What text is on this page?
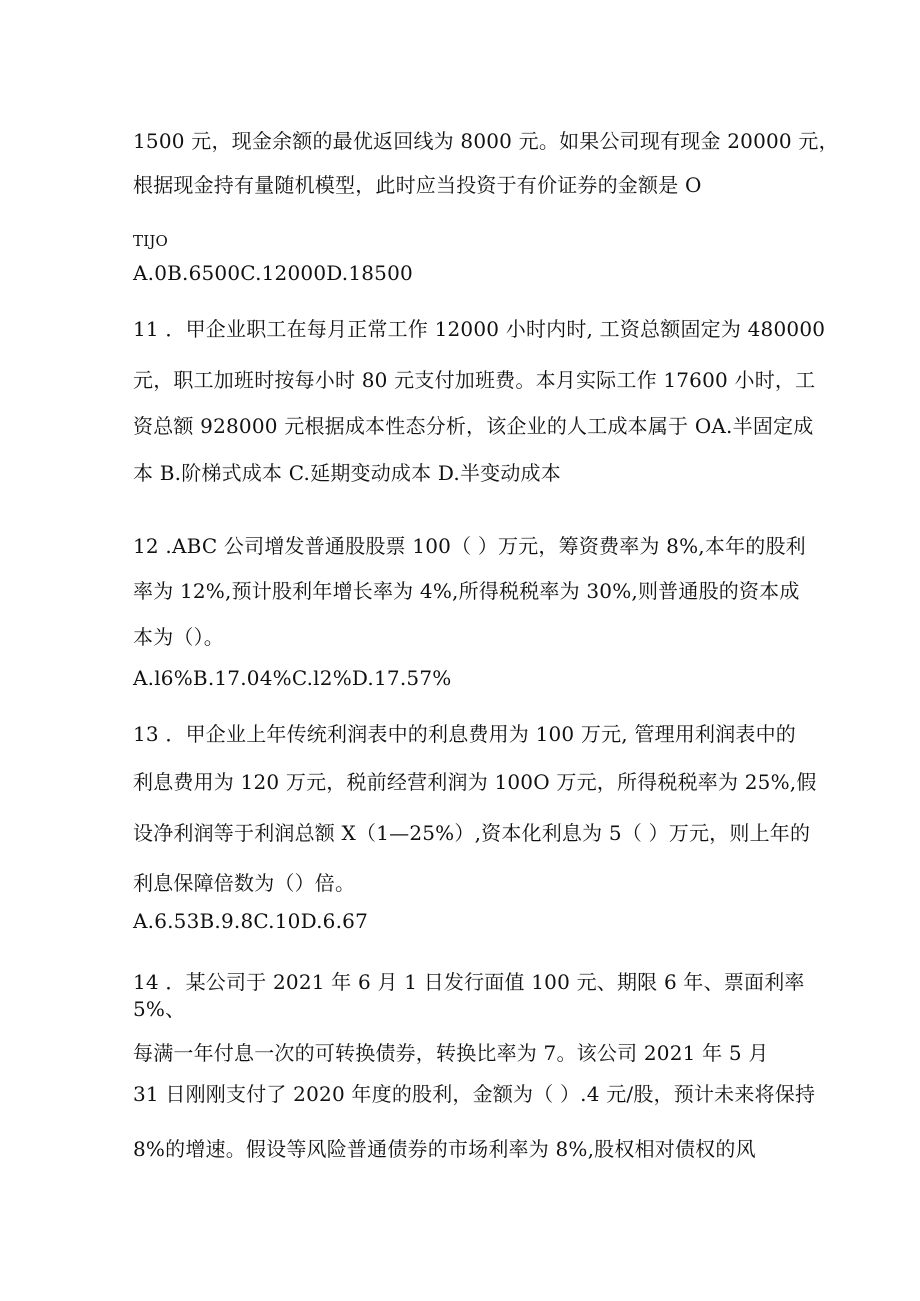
1500 元，现金余额的最优返回线为 8000 元。如果公司现有现金 20000 元，
根据现金持有量随机模型，此时应当投资于有价证券的金额是 O
TIJO
A.0B.6500C.12000D.18500
11 ．甲企业职工在每月正常工作 12000 小时内时, 工资总额固定为 480000
元，职工加班时按每小时 80 元支付加班费。本月实际工作 17600 小时，工
资总额 928000 元根据成本性态分析，该企业的人工成本属于 OA.半固定成
本 B.阶梯式成本 C.延期变动成本 D.半变动成本
12 .ABC 公司增发普通股股票 100（ ）万元，筹资费率为 8%,本年的股利
率为 12%,预计股利年增长率为 4%,所得税税率为 30%,则普通股的资本成
本为（）。
A.l6%B.17.04%C.l2%D.17.57%
13 ．甲企业上年传统利润表中的利息费用为 100 万元, 管理用利润表中的
利息费用为 120 万元，税前经营利润为 100O 万元，所得税税率为 25%,假
设净利润等于利润总额 X（1—25%）,资本化利息为 5（ ）万元，则上年的
利息保障倍数为（）倍。
A.6.53B.9.8C.10D.6.67
14 ．某公司于 2021 年 6 月 1 日发行面值 100 元、期限 6 年、票面利率
5%、
每满一年付息一次的可转换债券，转换比率为 7。该公司 2021 年 5 月
31 日刚刚支付了 2020 年度的股利，金额为（ ）.4 元/股，预计未来将保持
8%的增速。假设等风险普通债券的市场利率为 8%,股权相对债权的风
